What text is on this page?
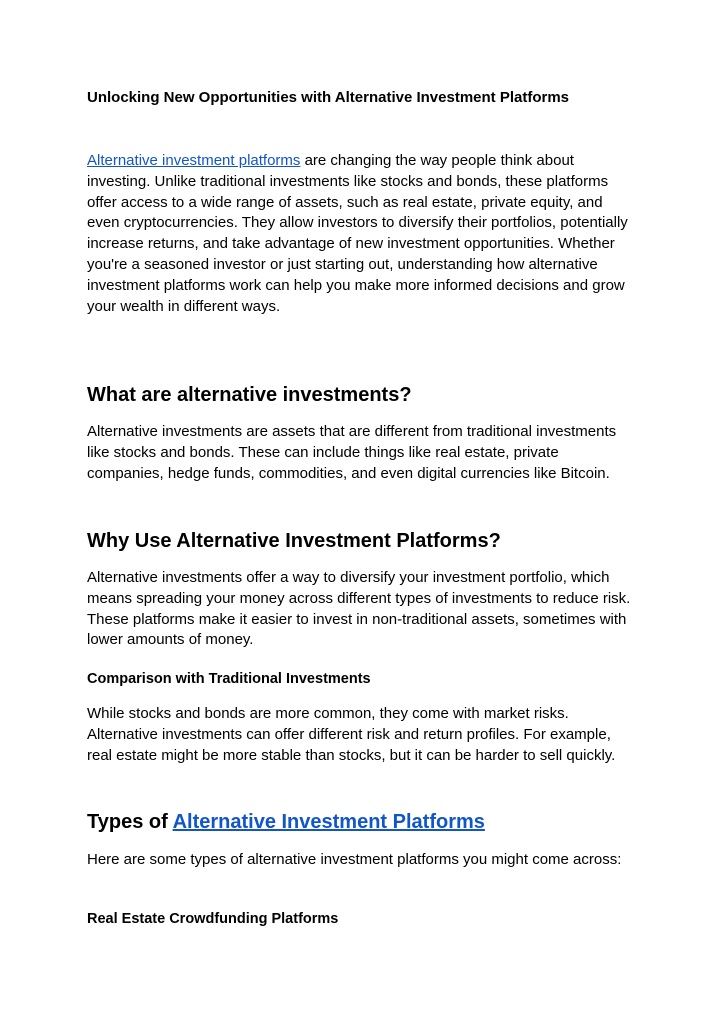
Unlocking New Opportunities with Alternative Investment Platforms

Alternative investment platforms are changing the way people think about investing. Unlike traditional investments like stocks and bonds, these platforms offer access to a wide range of assets, such as real estate, private equity, and even cryptocurrencies. They allow investors to diversify their portfolios, potentially increase returns, and take advantage of new investment opportunities. Whether you're a seasoned investor or just starting out, understanding how alternative investment platforms work can help you make more informed decisions and grow your wealth in different ways.

What are alternative investments?

Alternative investments are assets that are different from traditional investments like stocks and bonds. These can include things like real estate, private companies, hedge funds, commodities, and even digital currencies like Bitcoin.

Why Use Alternative Investment Platforms?

Alternative investments offer a way to diversify your investment portfolio, which means spreading your money across different types of investments to reduce risk. These platforms make it easier to invest in non-traditional assets, sometimes with lower amounts of money.

Comparison with Traditional Investments

While stocks and bonds are more common, they come with market risks. Alternative investments can offer different risk and return profiles. For example, real estate might be more stable than stocks, but it can be harder to sell quickly.

Types of Alternative Investment Platforms

Here are some types of alternative investment platforms you might come across:

Real Estate Crowdfunding Platforms
